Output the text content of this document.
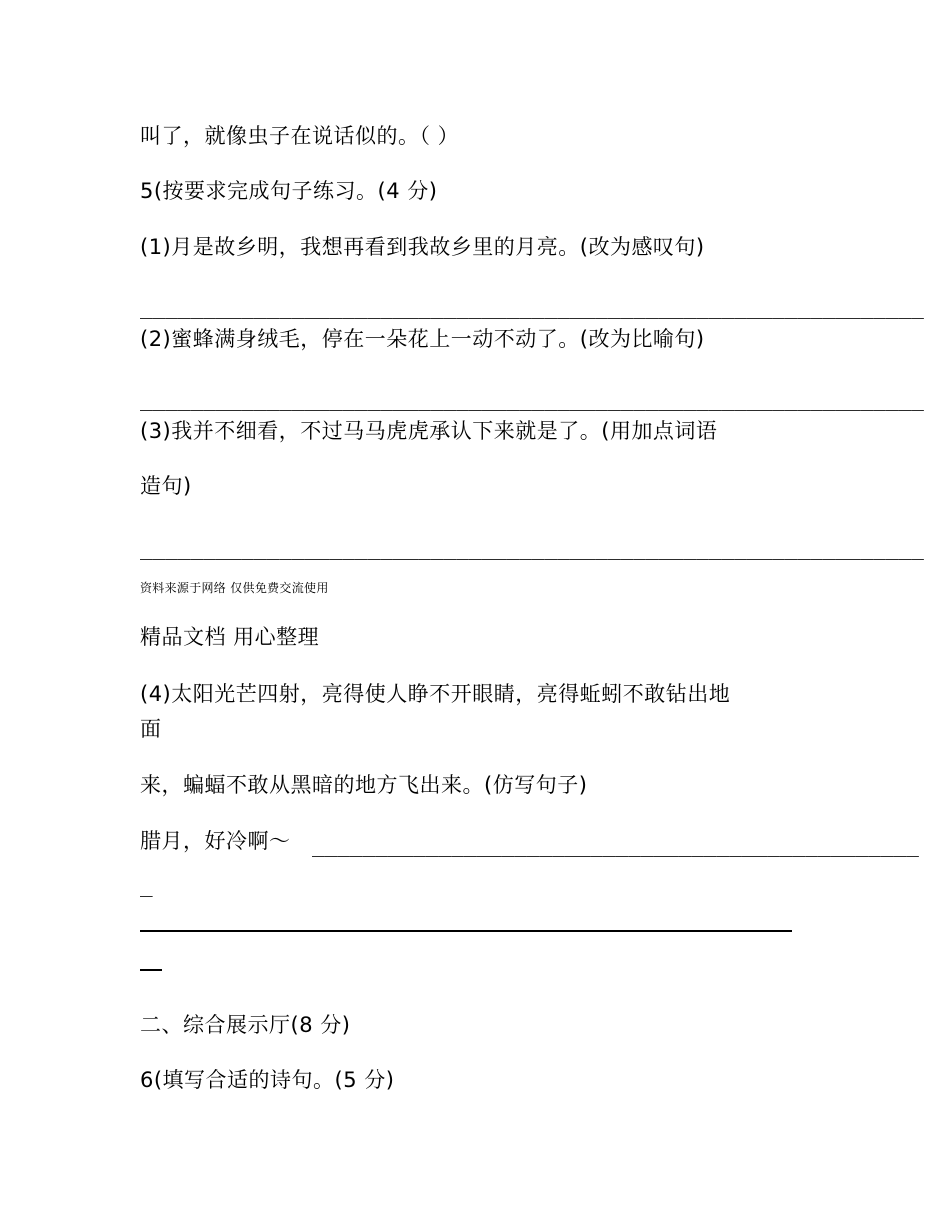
叫了，就像虫子在说话似的。（ ）
5(按要求完成句子练习。(4 分)
(1)月是故乡明，我想再看到我故乡里的月亮。(改为感叹句)
______________________________________________________________
(2)蜜蜂满身绒毛，停在一朵花上一动不动了。(改为比喻句)
______________________________________________________________
(3)我并不细看，不过马马虎虎承认下来就是了。(用加点词语
造句)
______________________________________________________________
资料来源于网络 仅供免费交流使用
精品文档 用心整理
(4)太阳光芒四射，亮得使人睁不开眼睛，亮得蚯蚓不敢钻出地
面
来，蝙蝠不敢从黑暗的地方飞出来。(仿写句子)
腊月，好冷啊～ ________________________________________________
_
二、综合展示厅(8 分)
6(填写合适的诗句。(5 分)
